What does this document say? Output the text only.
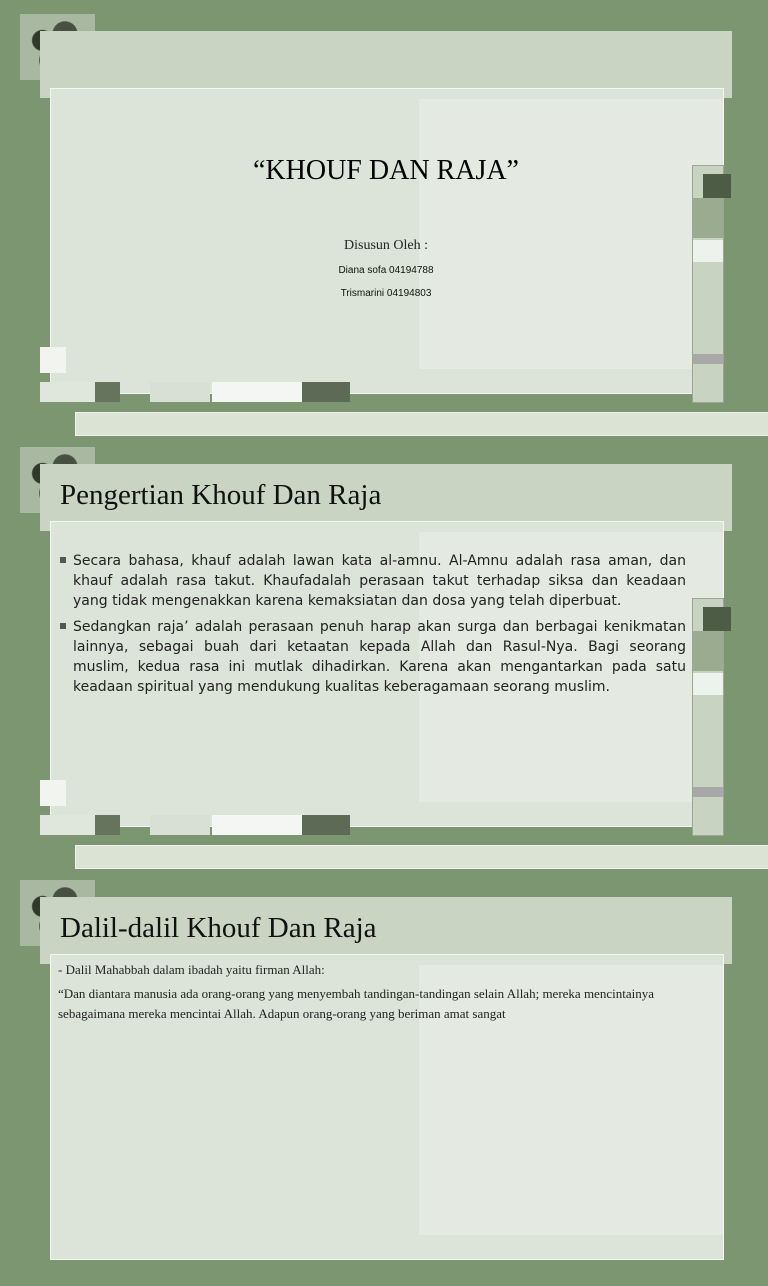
“KHOUF DAN RAJA”
Disusun Oleh :
Diana sofa 04194788
Trismarini 04194803
Pengertian Khouf Dan Raja
Secara bahasa, khauf adalah lawan kata al-amnu. Al-Amnu adalah rasa aman, dan khauf adalah rasa takut. Khaufadalah perasaan takut terhadap siksa dan keadaan yang tidak mengenakkan karena kemaksiatan dan dosa yang telah diperbuat.
Sedangkan raja’ adalah perasaan penuh harap akan surga dan berbagai kenikmatan lainnya, sebagai buah dari ketaatan kepada Allah dan Rasul-Nya. Bagi seorang muslim, kedua rasa ini mutlak dihadirkan. Karena akan mengantarkan pada satu keadaan spiritual yang mendukung kualitas keberagamaan seorang muslim.
Dalil-dalil Khouf Dan Raja
- Dalil Mahabbah dalam ibadah yaitu firman Allah:
“Dan diantara manusia ada orang-orang yang menyembah tandingan-tandingan selain Allah; mereka mencintainya sebagaimana mereka mencintai Allah. Adapun orang-orang yang beriman amat sangat
